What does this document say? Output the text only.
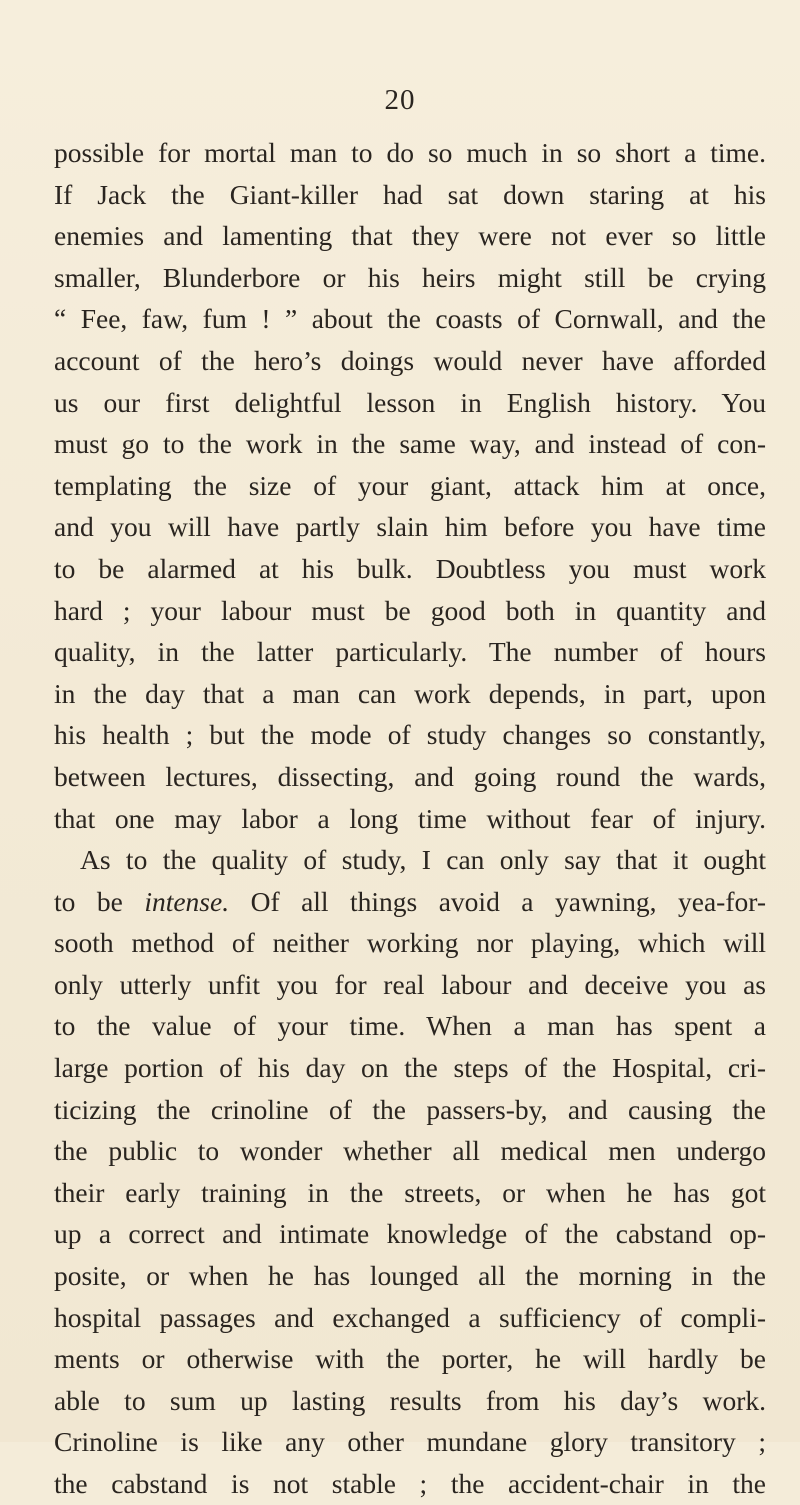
20
possible for mortal man to do so much in so short a time.
If Jack the Giant-killer had sat down staring at his
enemies and lamenting that they were not ever so little
smaller, Blunderbore or his heirs might still be crying
“ Fee, faw, fum ! ” about the coasts of Cornwall, and the
account of the hero’s doings would never have afforded
us our first delightful lesson in English history. You
must go to the work in the same way, and instead of con-
templating the size of your giant, attack him at once,
and you will have partly slain him before you have time
to be alarmed at his bulk. Doubtless you must work
hard ; your labour must be good both in quantity and
quality, in the latter particularly. The number of hours
in the day that a man can work depends, in part, upon
his health ; but the mode of study changes so constantly,
between lectures, dissecting, and going round the wards,
that one may labor a long time without fear of injury.
As to the quality of study, I can only say that it ought
to be intense. Of all things avoid a yawning, yea-for-
sooth method of neither working nor playing, which will
only utterly unfit you for real labour and deceive you as
to the value of your time. When a man has spent a
large portion of his day on the steps of the Hospital, cri-
ticizing the crinoline of the passers-by, and causing the
the public to wonder whether all medical men undergo
their early training in the streets, or when he has got
up a correct and intimate knowledge of the cabstand op-
posite, or when he has lounged all the morning in the
hospital passages and exchanged a sufficiency of compli-
ments or otherwise with the porter, he will hardly be
able to sum up lasting results from his day’s work.
Crinoline is like any other mundane glory transitory ;
the cabstand is not stable ; the accident-chair in the
